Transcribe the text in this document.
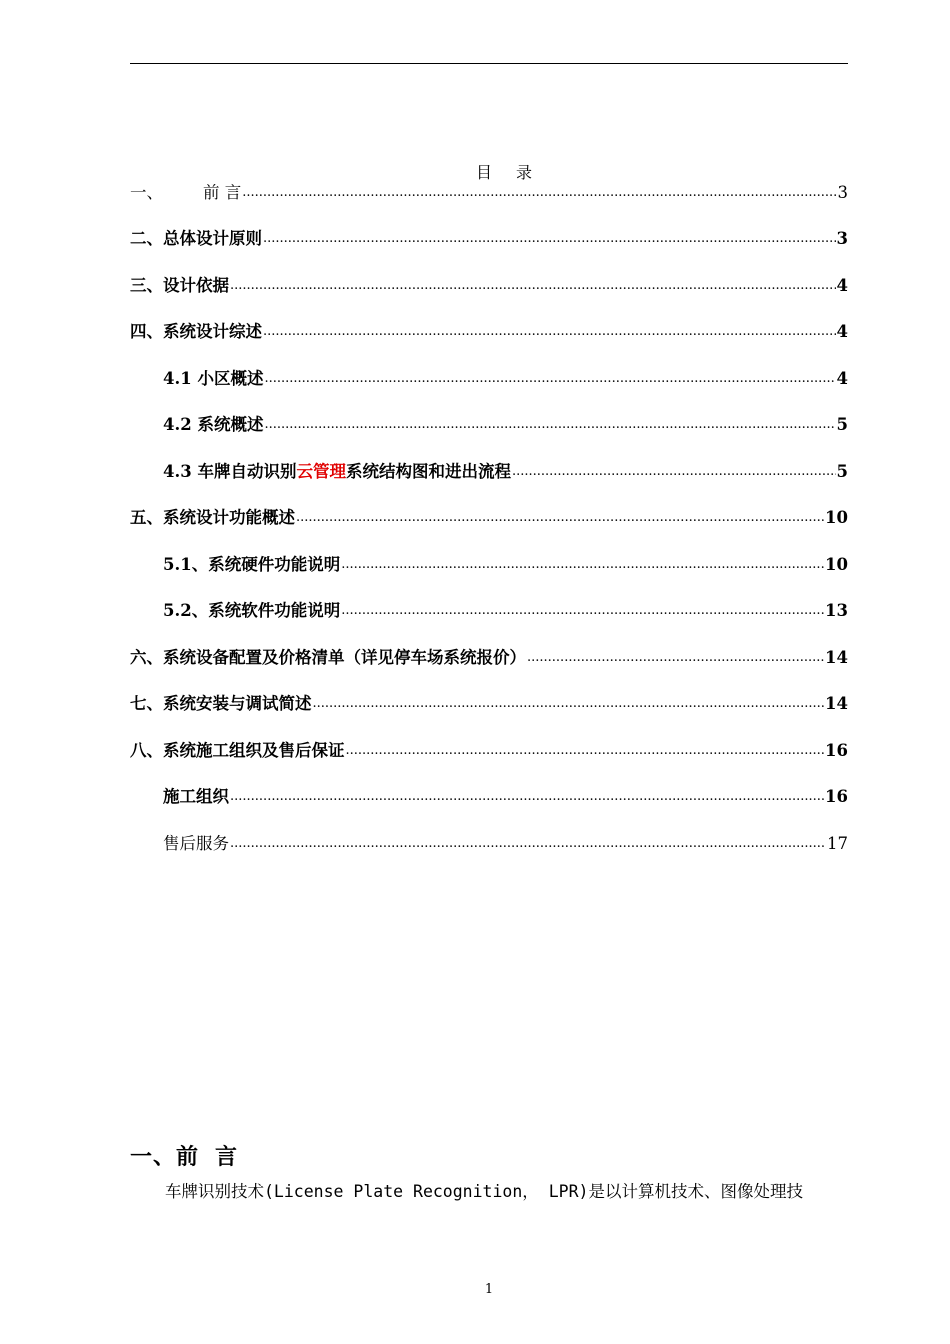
目 录
一、 前 言 .....	3
二、总体设计原则 .....	3
三、设计依据 .....	4
四、系统设计综述 .....	4
4.1 小区概述 .....	4
4.2 系统概述 .....	5
4.3 车牌自动识别云管理系统结构图和进出流程 .....	5
五、系统设计功能概述 .....	10
5.1、系统硬件功能说明 .....	10
5.2、系统软件功能说明 .....	13
六、系统设备配置及价格清单（详见停车场系统报价） .....	14
七、系统安装与调试简述 .....	14
八、系统施工组织及售后保证 .....	16
施工组织 .....	16
售后服务 .....	17
一、前 言
车牌识别技术(License Plate Recognition， LPR)是以计算机技术、图像处理技
1
